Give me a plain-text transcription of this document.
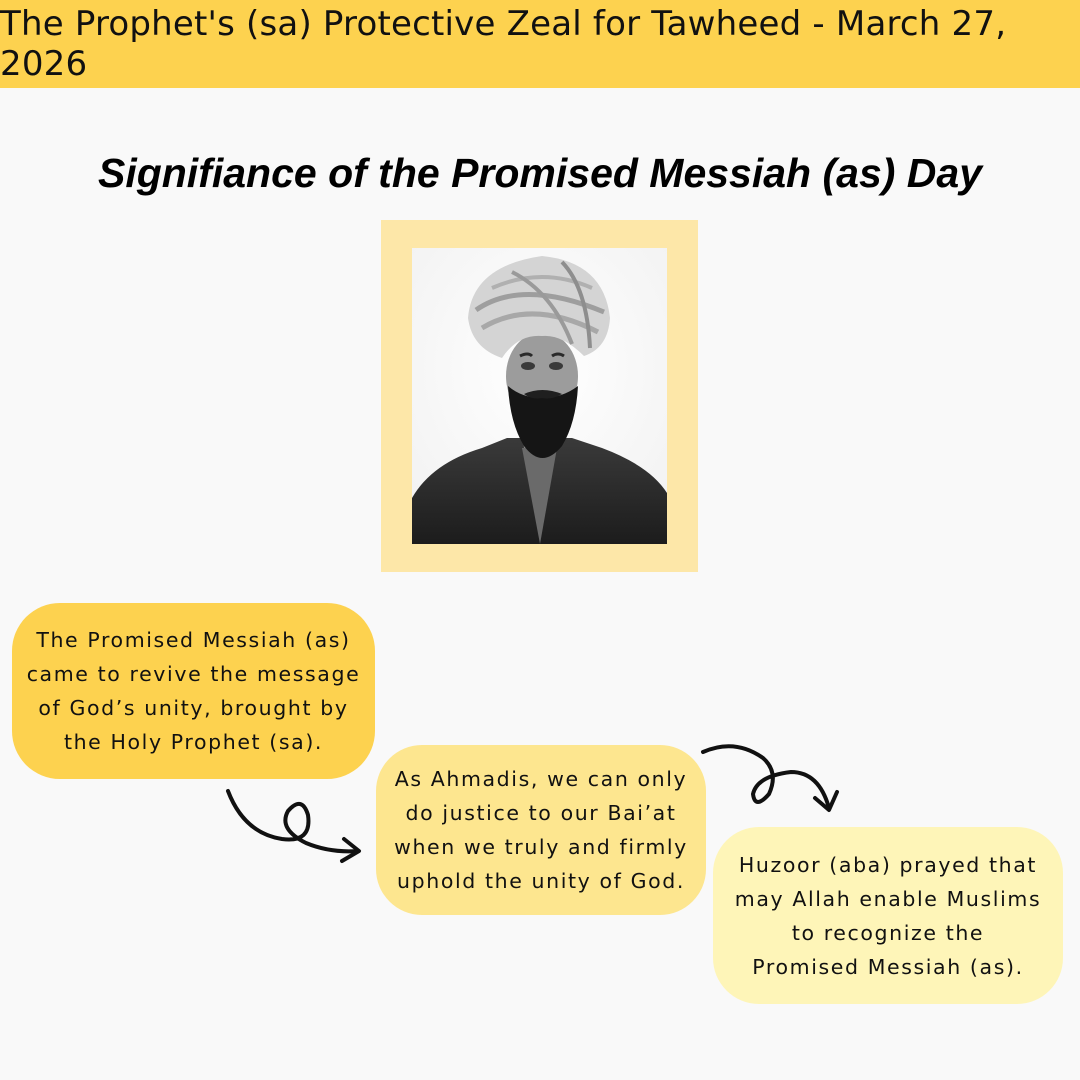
The Prophet's (sa) Protective Zeal for Tawheed - March 27, 2026
Signifiance of the Promised Messiah (as) Day
The Promised Messiah (as)
came to revive the message
of God’s unity, brought by
the Holy Prophet (sa).
As Ahmadis, we can only
do justice to our Bai’at
when we truly and firmly
uphold the unity of God.
Huzoor (aba) prayed that
may Allah enable Muslims
to recognize the
Promised Messiah (as).
